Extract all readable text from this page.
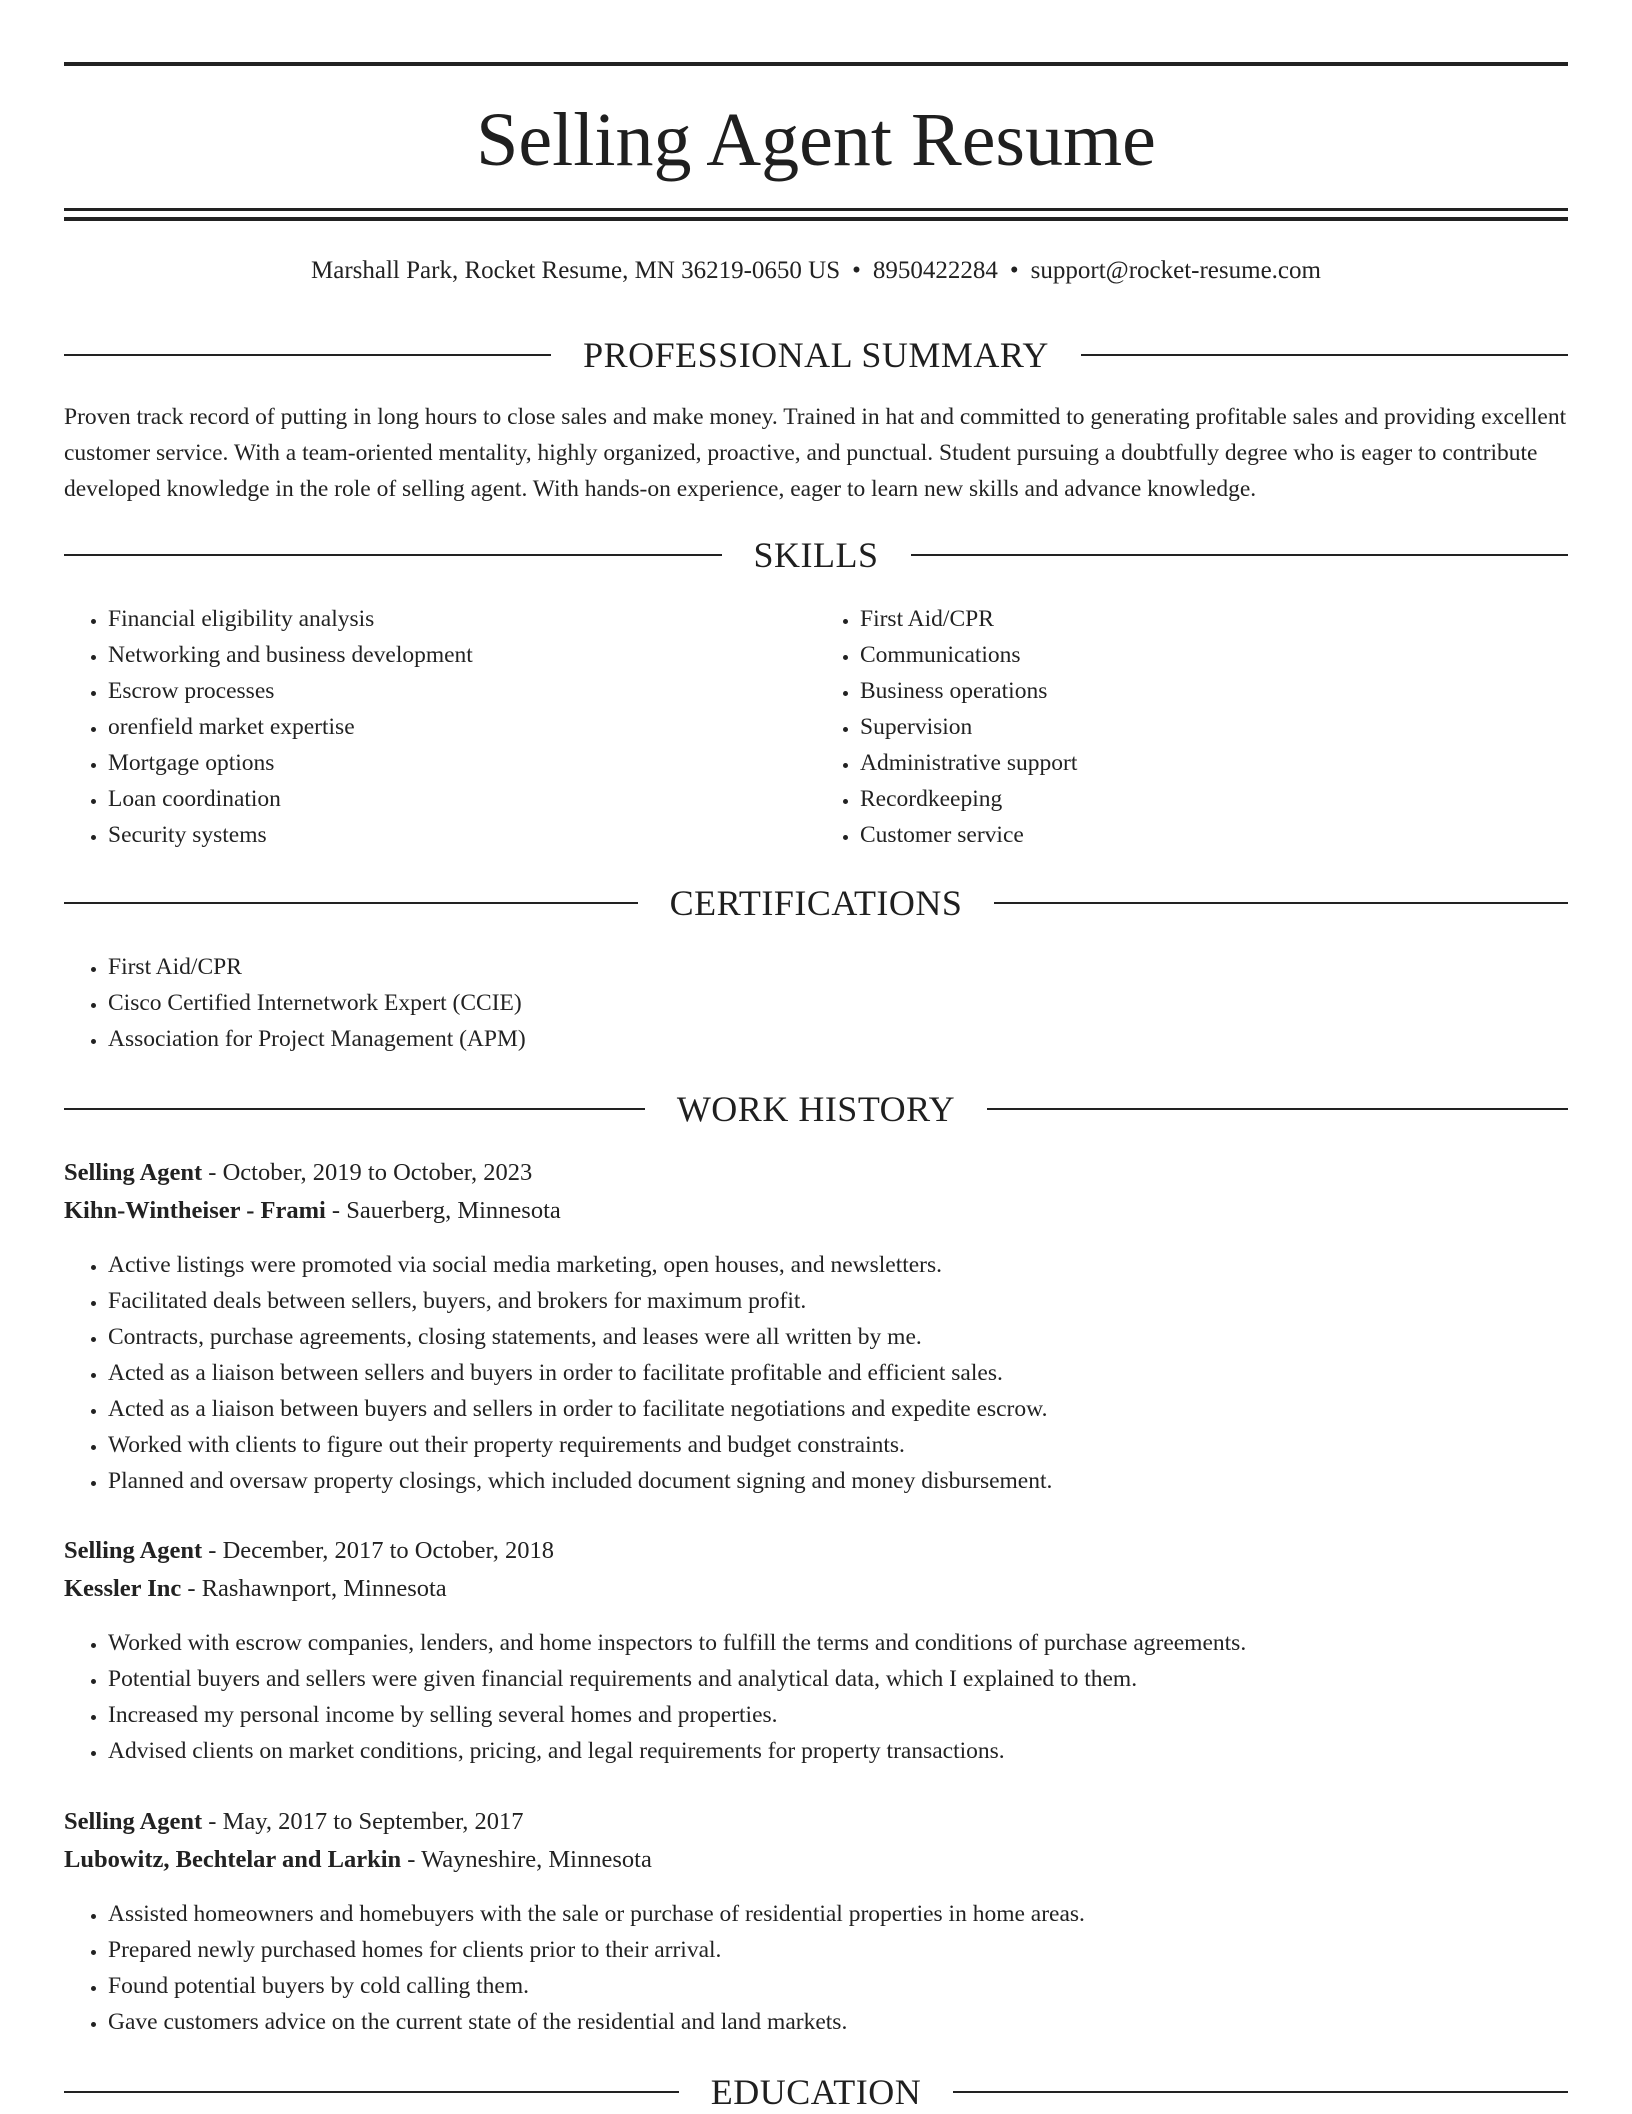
Selling Agent Resume
Marshall Park, Rocket Resume, MN 36219-0650 US • 8950422284 • support@rocket-resume.com
PROFESSIONAL SUMMARY

Proven track record of putting in long hours to close sales and make money. Trained in hat and committed to generating profitable sales and providing excellent customer service. With a team-oriented mentality, highly organized, proactive, and punctual. Student pursuing a doubtfully degree who is eager to contribute developed knowledge in the role of selling agent. With hands-on experience, eager to learn new skills and advance knowledge.

SKILLS
• Financial eligibility analysis
• Networking and business development
• Escrow processes
• orenfield market expertise
• Mortgage options
• Loan coordination
• Security systems
• First Aid/CPR
• Communications
• Business operations
• Supervision
• Administrative support
• Recordkeeping
• Customer service
CERTIFICATIONS
• First Aid/CPR
• Cisco Certified Internetwork Expert (CCIE)
• Association for Project Management (APM)
WORK HISTORY
Selling Agent - October, 2019 to October, 2023
Kihn-Wintheiser - Frami - Sauerberg, Minnesota
• Active listings were promoted via social media marketing, open houses, and newsletters.
• Facilitated deals between sellers, buyers, and brokers for maximum profit.
• Contracts, purchase agreements, closing statements, and leases were all written by me.
• Acted as a liaison between sellers and buyers in order to facilitate profitable and efficient sales.
• Acted as a liaison between buyers and sellers in order to facilitate negotiations and expedite escrow.
• Worked with clients to figure out their property requirements and budget constraints.
• Planned and oversaw property closings, which included document signing and money disbursement.
Selling Agent - December, 2017 to October, 2018
Kessler Inc - Rashawnport, Minnesota
• Worked with escrow companies, lenders, and home inspectors to fulfill the terms and conditions of purchase agreements.
• Potential buyers and sellers were given financial requirements and analytical data, which I explained to them.
• Increased my personal income by selling several homes and properties.
• Advised clients on market conditions, pricing, and legal requirements for property transactions.
Selling Agent - May, 2017 to September, 2017
Lubowitz, Bechtelar and Larkin - Wayneshire, Minnesota
• Assisted homeowners and homebuyers with the sale or purchase of residential properties in home areas.
• Prepared newly purchased homes for clients prior to their arrival.
• Found potential buyers by cold calling them.
• Gave customers advice on the current state of the residential and land markets.
EDUCATION
